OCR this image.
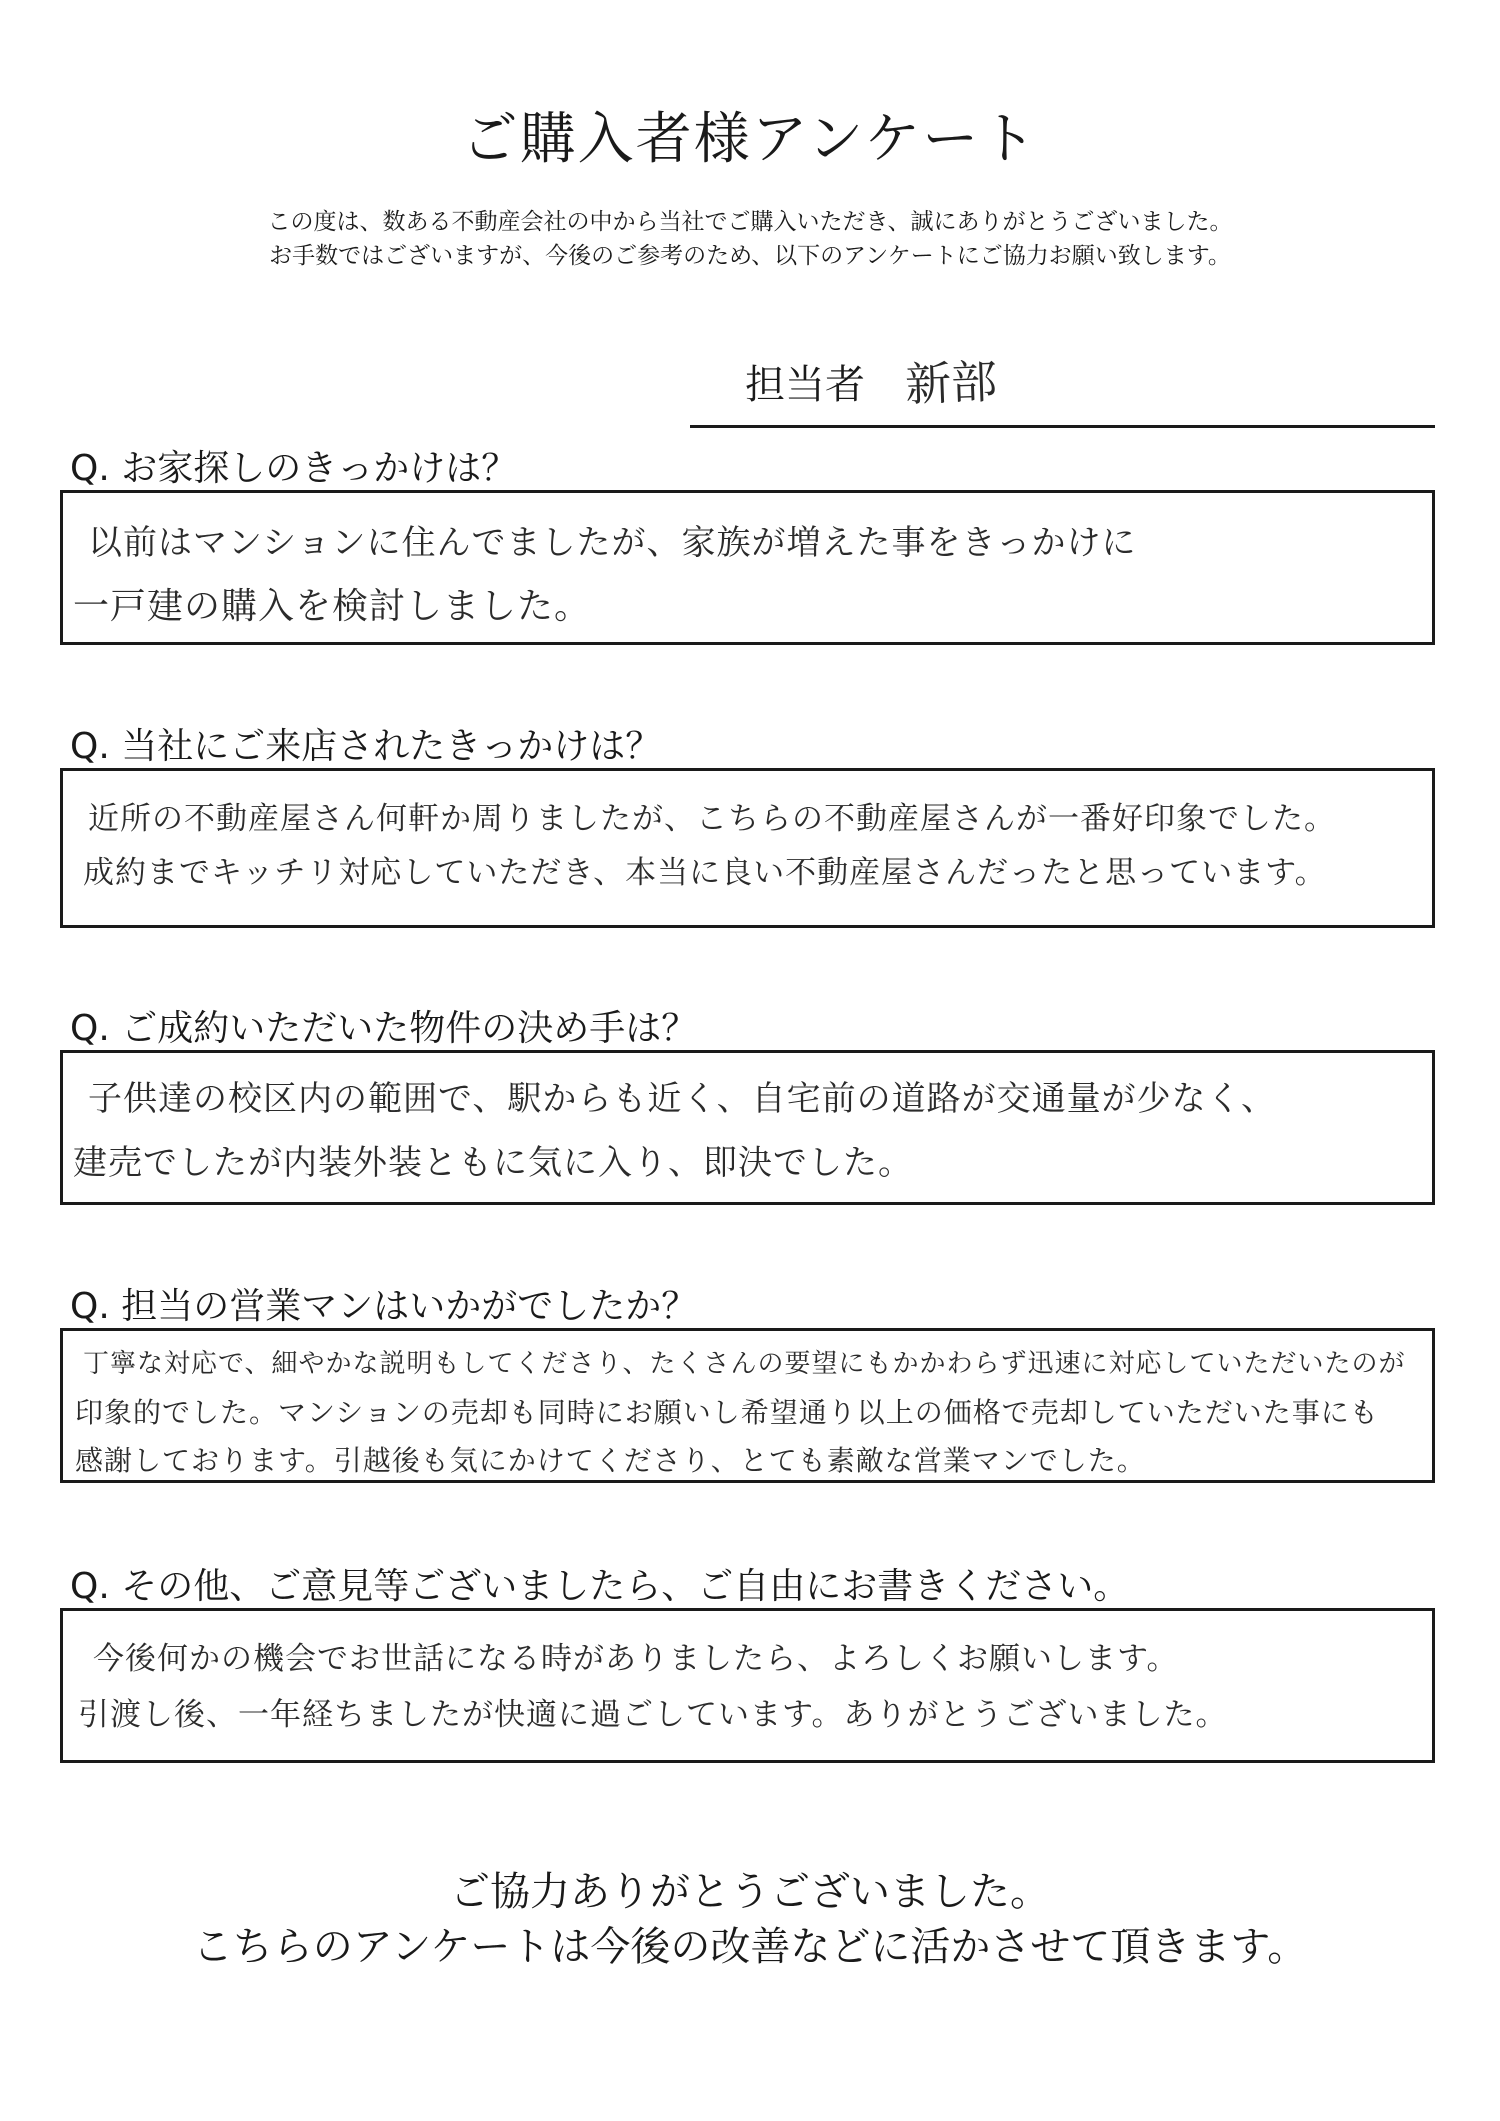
ご購入者様アンケート
この度は、数ある不動産会社の中から当社でご購入いただき、誠にありがとうございました。
お手数ではございますが、今後のご参考のため、以下のアンケートにご協力お願い致します。
担当者 新部
Q. お家探しのきっかけは？
以前はマンションに住んでましたが、家族が増えた事をきっかけに
一戸建の購入を検討しました。
Q. 当社にご来店されたきっかけは？
近所の不動産屋さん何軒か周りましたが、こちらの不動産屋さんが一番好印象でした。
成約までキッチリ対応していただき、本当に良い不動産屋さんだったと思っています。
Q. ご成約いただいた物件の決め手は？
子供達の校区内の範囲で、駅からも近く、自宅前の道路が交通量が少なく、
建売でしたが内装外装ともに気に入り、即決でした。
Q. 担当の営業マンはいかがでしたか？
丁寧な対応で、細やかな説明もしてくださり、たくさんの要望にもかかわらず迅速に対応していただいたのが
印象的でした。マンションの売却も同時にお願いし希望通り以上の価格で売却していただいた事にも
感謝しております。引越後も気にかけてくださり、とても素敵な営業マンでした。
Q. その他、ご意見等ございましたら、ご自由にお書きください。
今後何かの機会でお世話になる時がありましたら、よろしくお願いします。
引渡し後、一年経ちましたが快適に過ごしています。ありがとうございました。
ご協力ありがとうございました。
こちらのアンケートは今後の改善などに活かさせて頂きます。
